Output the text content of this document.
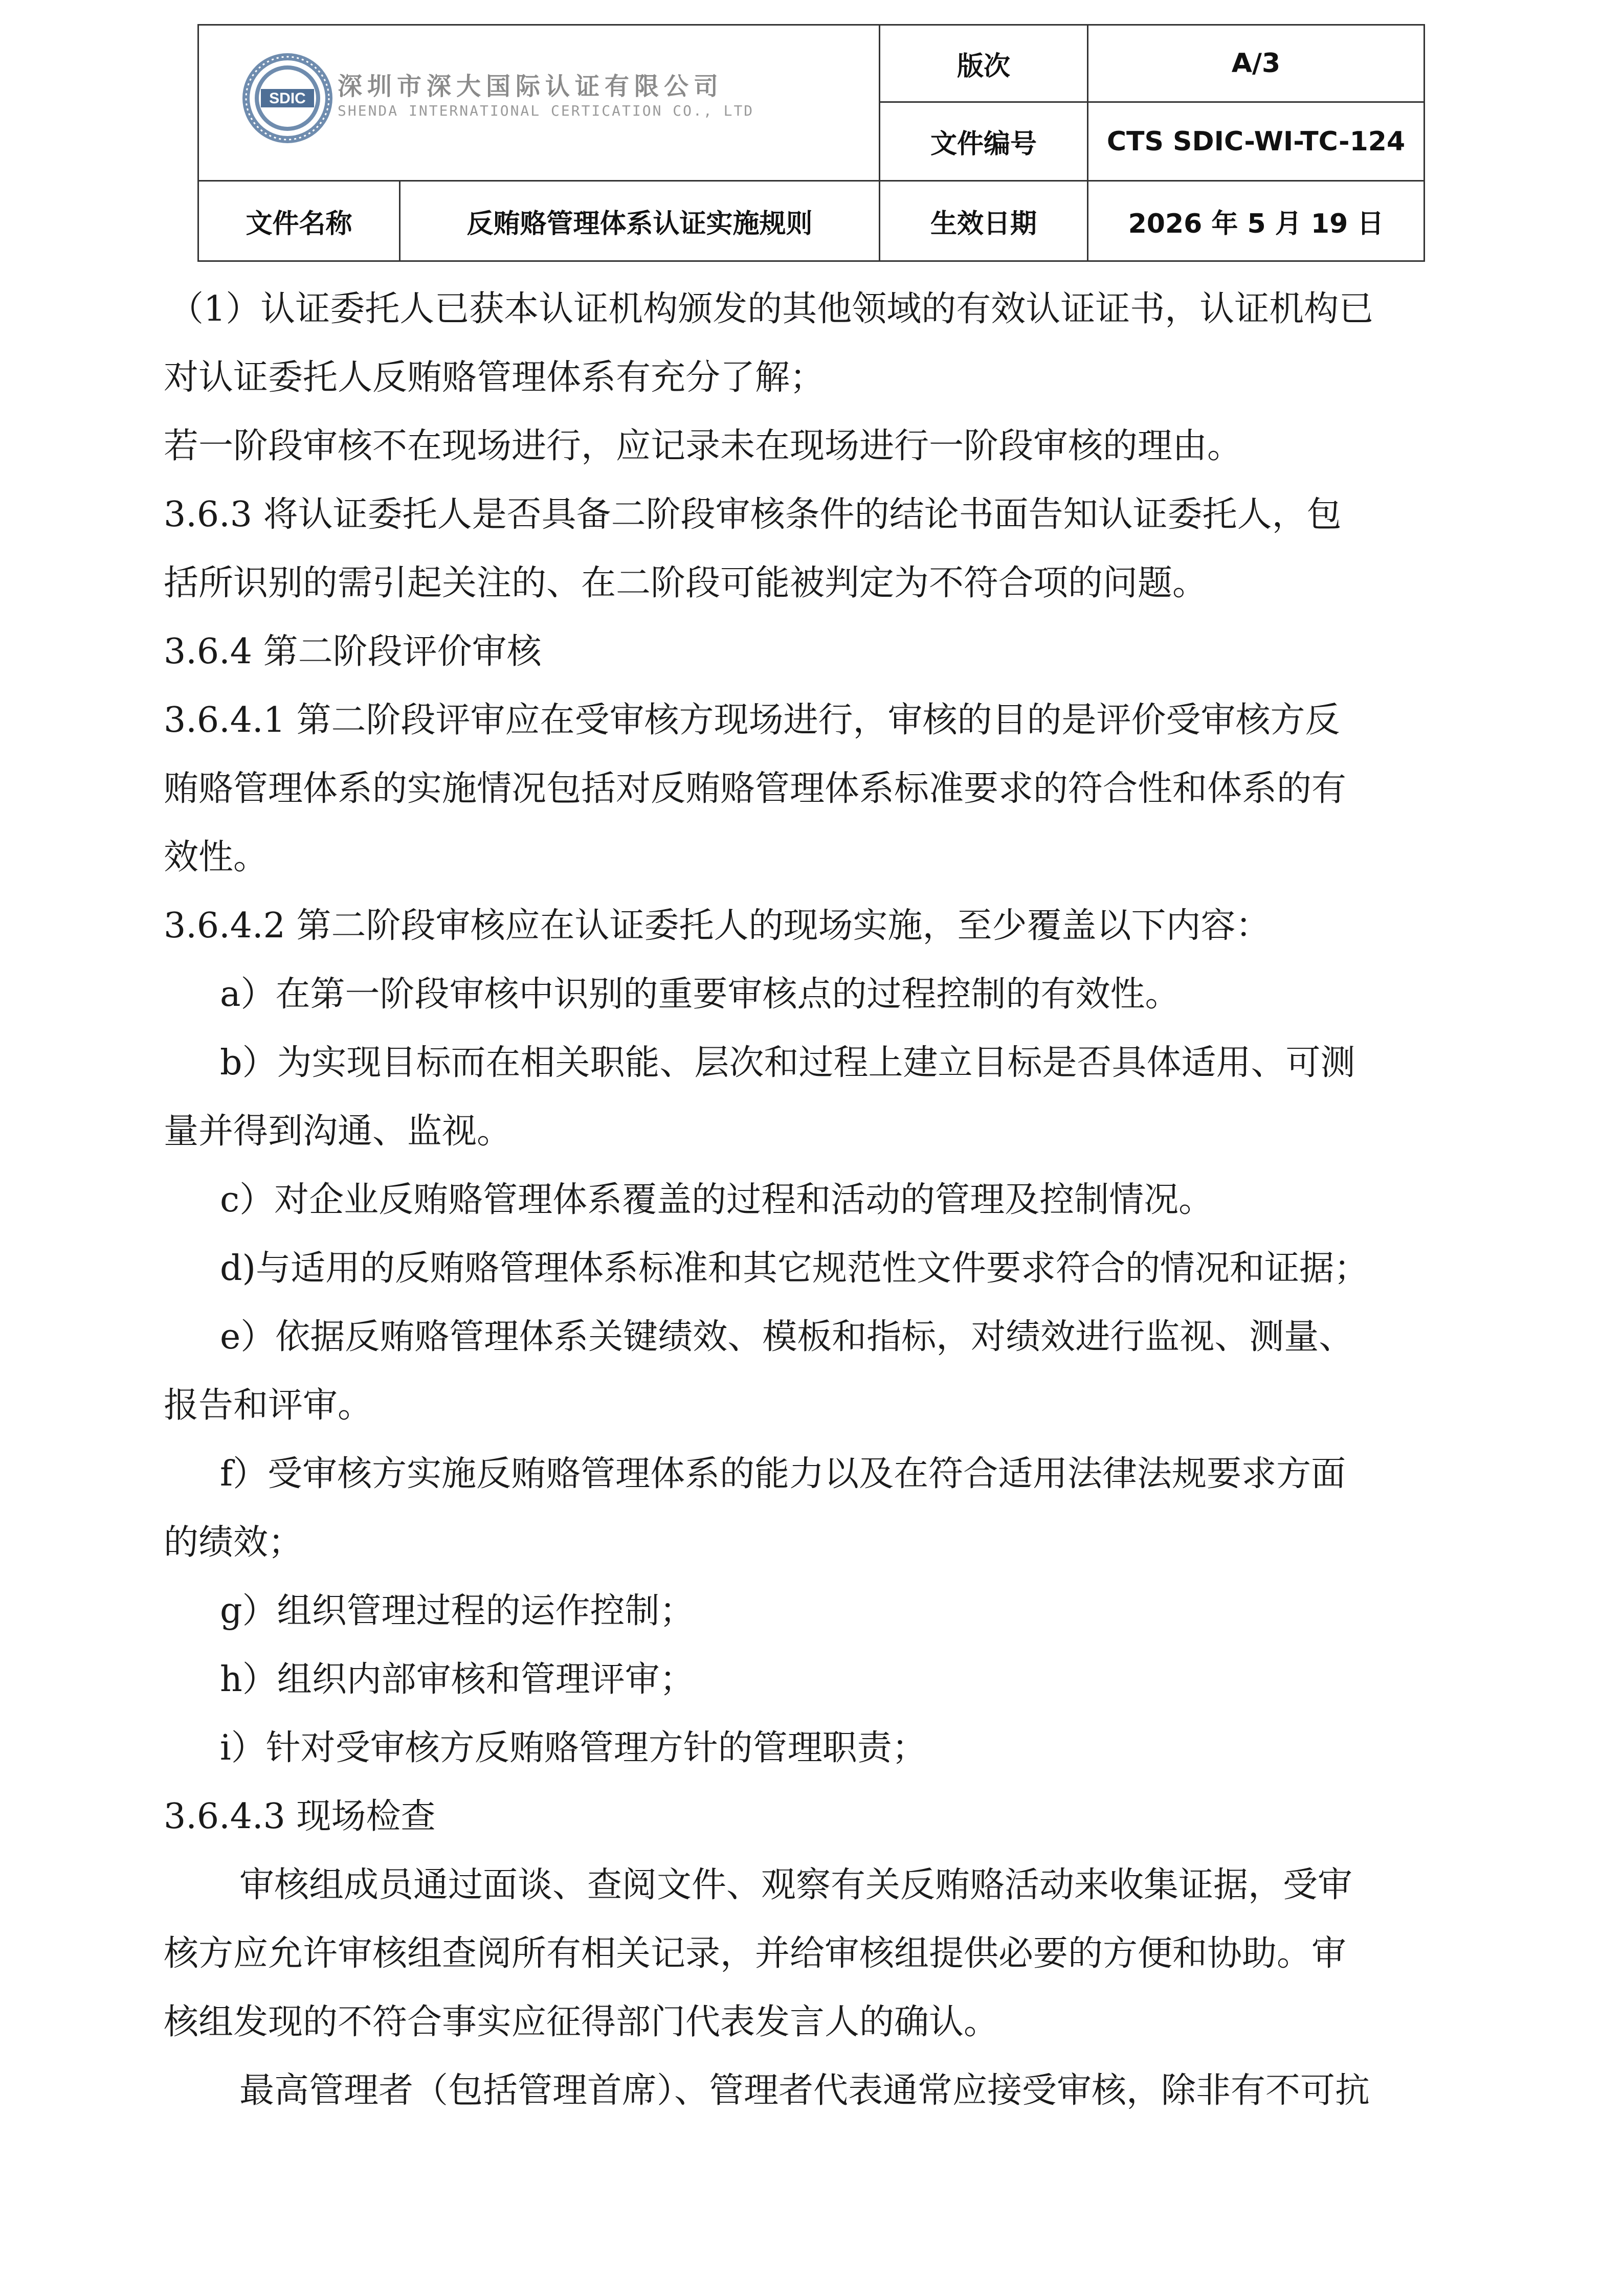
SDIC 深圳市深大国际认证有限公司
SHENDA INTERNATIONAL CERTICATION CO., LTD
版次	A/3
文件编号	CTS SDIC-WI-TC-124
文件名称	反贿赂管理体系认证实施规则	生效日期	2026 年 5 月 19 日
（1）认证委托人已获本认证机构颁发的其他领域的有效认证证书，认证机构已
对认证委托人反贿赂管理体系有充分了解；
若一阶段审核不在现场进行，应记录未在现场进行一阶段审核的理由。
3.6.3 将认证委托人是否具备二阶段审核条件的结论书面告知认证委托人，包
括所识别的需引起关注的、在二阶段可能被判定为不符合项的问题。
3.6.4 第二阶段评价审核
3.6.4.1 第二阶段评审应在受审核方现场进行，审核的目的是评价受审核方反
贿赂管理体系的实施情况包括对反贿赂管理体系标准要求的符合性和体系的有
效性。
3.6.4.2 第二阶段审核应在认证委托人的现场实施，至少覆盖以下内容：
a）在第一阶段审核中识别的重要审核点的过程控制的有效性。
b）为实现目标而在相关职能、层次和过程上建立目标是否具体适用、可测
量并得到沟通、监视。
c）对企业反贿赂管理体系覆盖的过程和活动的管理及控制情况。
d)与适用的反贿赂管理体系标准和其它规范性文件要求符合的情况和证据；
e）依据反贿赂管理体系关键绩效、模板和指标，对绩效进行监视、测量、
报告和评审。
f）受审核方实施反贿赂管理体系的能力以及在符合适用法律法规要求方面
的绩效；
g）组织管理过程的运作控制；
h）组织内部审核和管理评审；
i）针对受审核方反贿赂管理方针的管理职责；
3.6.4.3 现场检查
审核组成员通过面谈、查阅文件、观察有关反贿赂活动来收集证据，受审
核方应允许审核组查阅所有相关记录，并给审核组提供必要的方便和协助。审
核组发现的不符合事实应征得部门代表发言人的确认。
最高管理者（包括管理首席）、管理者代表通常应接受审核，除非有不可抗
